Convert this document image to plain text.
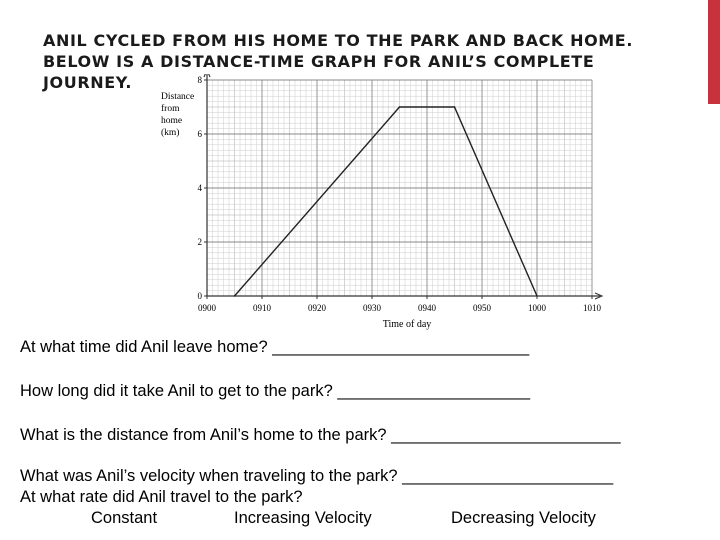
ANIL CYCLED FROM HIS HOME TO THE PARK AND BACK HOME.
BELOW IS A DISTANCE-TIME GRAPH FOR ANIL’S COMPLETE
JOURNEY.
0
2
4
6
8
0900	0910	0920	0930	0940	0950	1000	1010
Distance
from
home
(km)
Time of day
At what time did Anil leave home? ____________________________
How long did it take Anil to get to the park? _____________________
What is the distance from Anil’s home to the park? _________________________
What was Anil’s velocity when traveling to the park? _______________________
At what rate did Anil travel to the park?
Constant	Increasing Velocity	Decreasing Velocity
